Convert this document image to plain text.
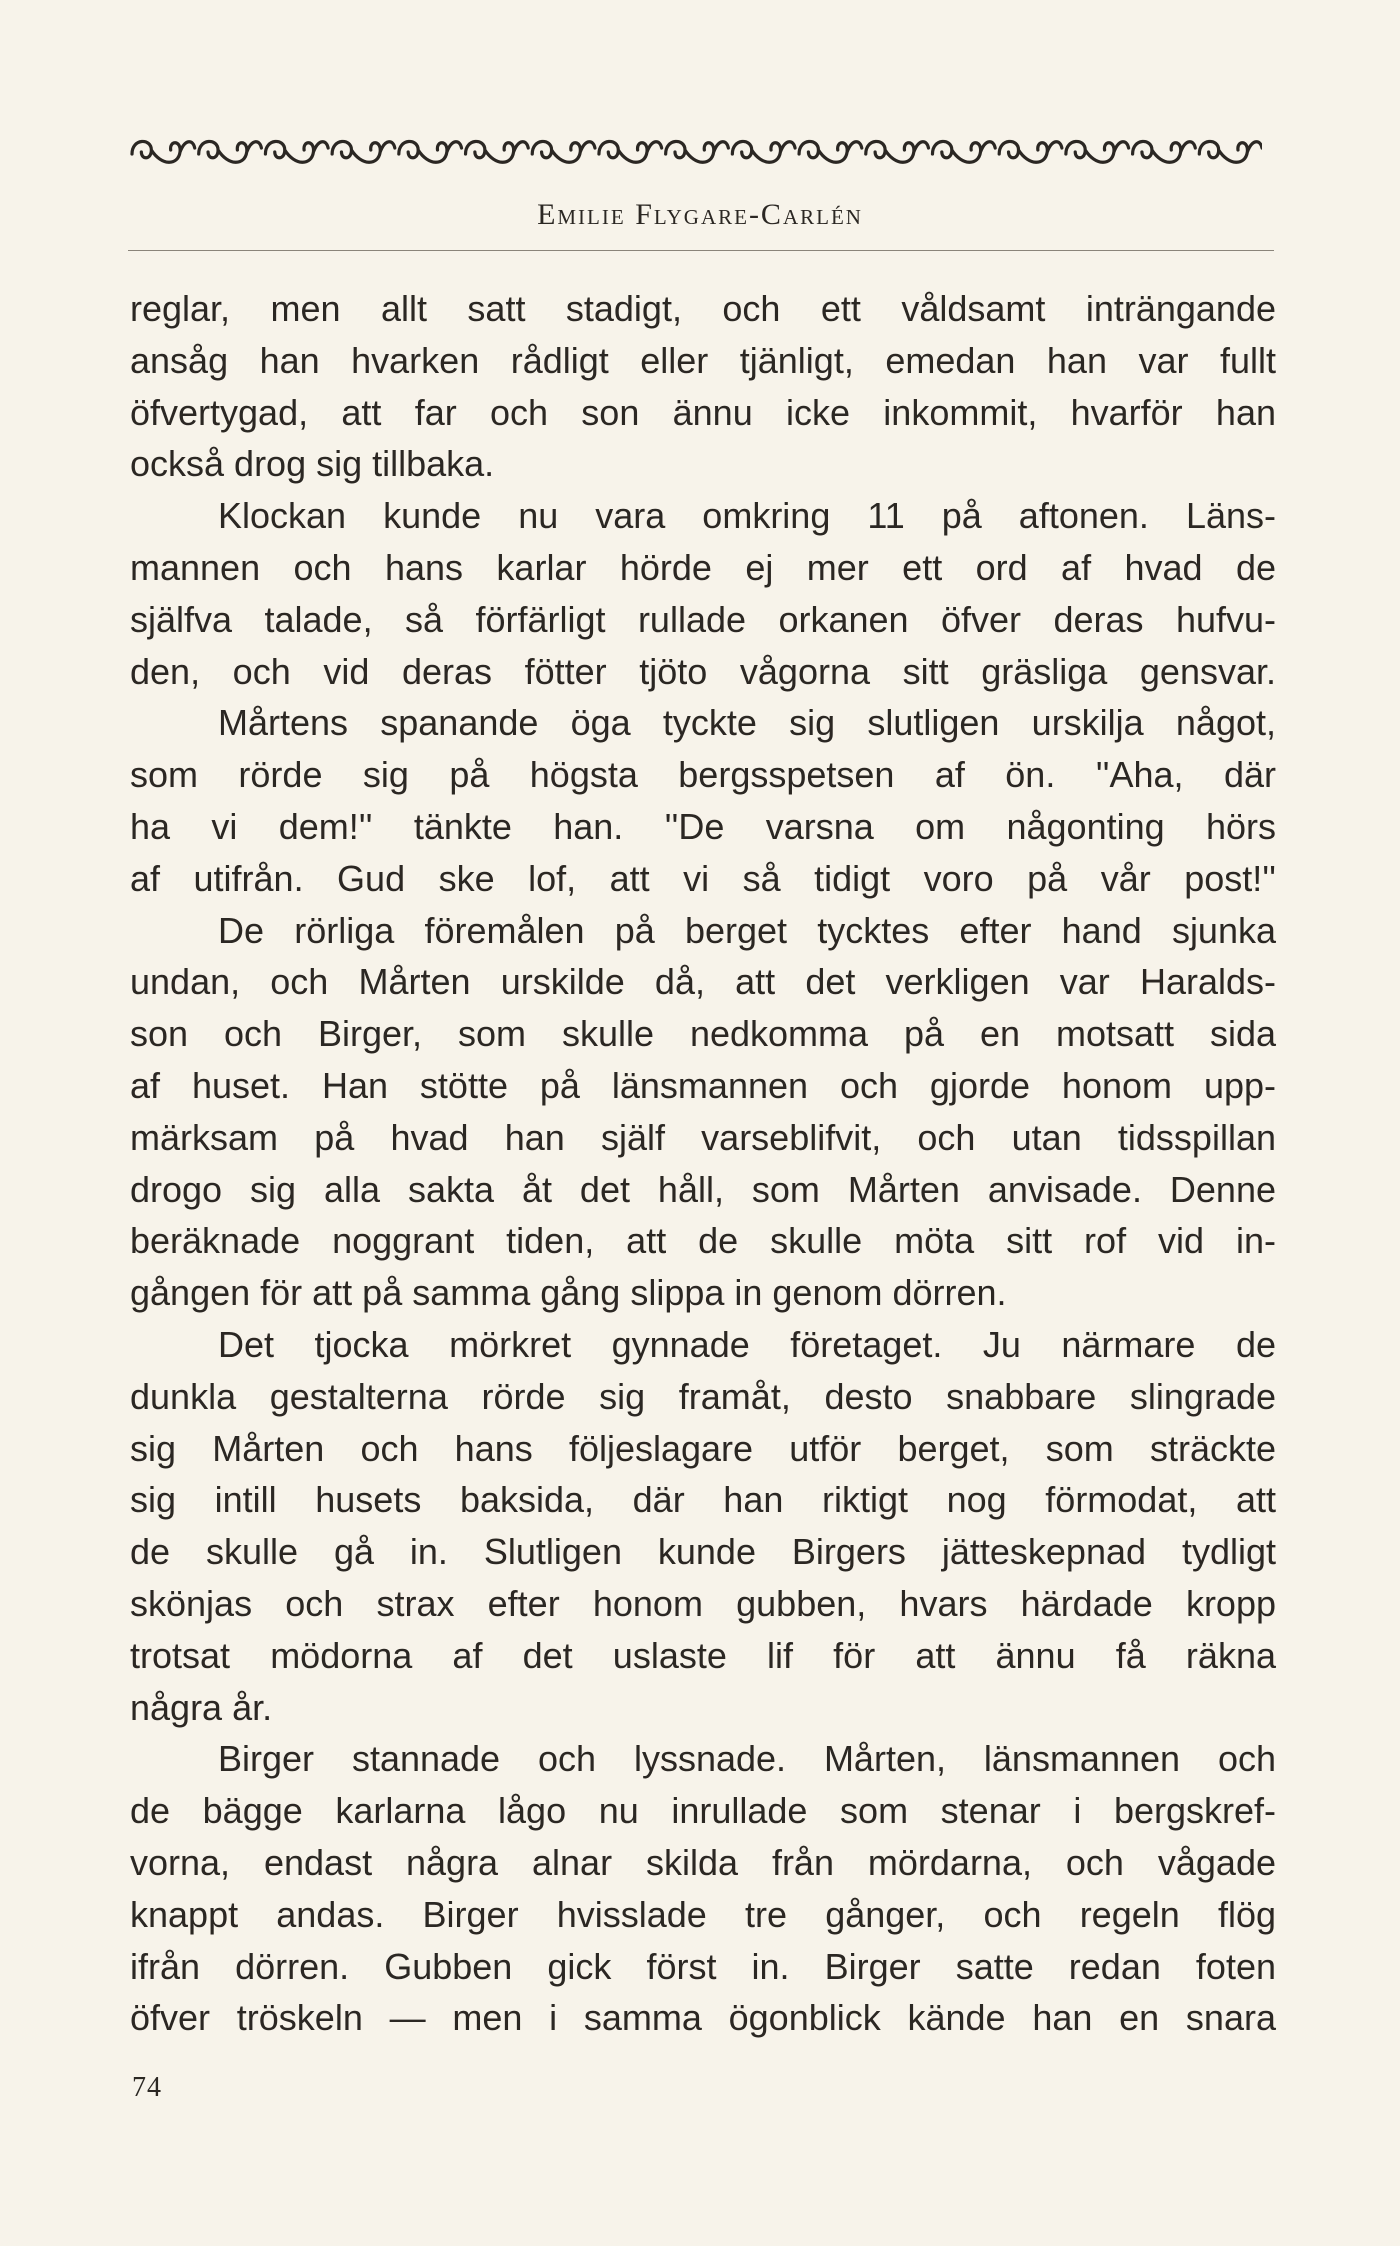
Emilie Flygare-Carlén
reglar, men allt satt stadigt, och ett våldsamt inträngande
ansåg han hvarken rådligt eller tjänligt, emedan han var fullt
öfvertygad, att far och son ännu icke inkommit, hvarför han
också drog sig tillbaka.
Klockan kunde nu vara omkring 11 på aftonen. Läns-
mannen och hans karlar hörde ej mer ett ord af hvad de
själfva talade, så förfärligt rullade orkanen öfver deras hufvu-
den, och vid deras fötter tjöto vågorna sitt gräsliga gensvar.
Mårtens spanande öga tyckte sig slutligen urskilja något,
som rörde sig på högsta bergsspetsen af ön. ''Aha, där
ha vi dem!'' tänkte han. ''De varsna om någonting hörs
af utifrån. Gud ske lof, att vi så tidigt voro på vår post!''
De rörliga föremålen på berget tycktes efter hand sjunka
undan, och Mårten urskilde då, att det verkligen var Haralds-
son och Birger, som skulle nedkomma på en motsatt sida
af huset. Han stötte på länsmannen och gjorde honom upp-
märksam på hvad han själf varseblifvit, och utan tidsspillan
drogo sig alla sakta åt det håll, som Mårten anvisade. Denne
beräknade noggrant tiden, att de skulle möta sitt rof vid in-
gången för att på samma gång slippa in genom dörren.
Det tjocka mörkret gynnade företaget. Ju närmare de
dunkla gestalterna rörde sig framåt, desto snabbare slingrade
sig Mårten och hans följeslagare utför berget, som sträckte
sig intill husets baksida, där han riktigt nog förmodat, att
de skulle gå in. Slutligen kunde Birgers jätteskepnad tydligt
skönjas och strax efter honom gubben, hvars härdade kropp
trotsat mödorna af det uslaste lif för att ännu få räkna
några år.
Birger stannade och lyssnade. Mårten, länsmannen och
de bägge karlarna lågo nu inrullade som stenar i bergskref-
vorna, endast några alnar skilda från mördarna, och vågade
knappt andas. Birger hvisslade tre gånger, och regeln flög
ifrån dörren. Gubben gick först in. Birger satte redan foten
öfver tröskeln — men i samma ögonblick kände han en snara
74
